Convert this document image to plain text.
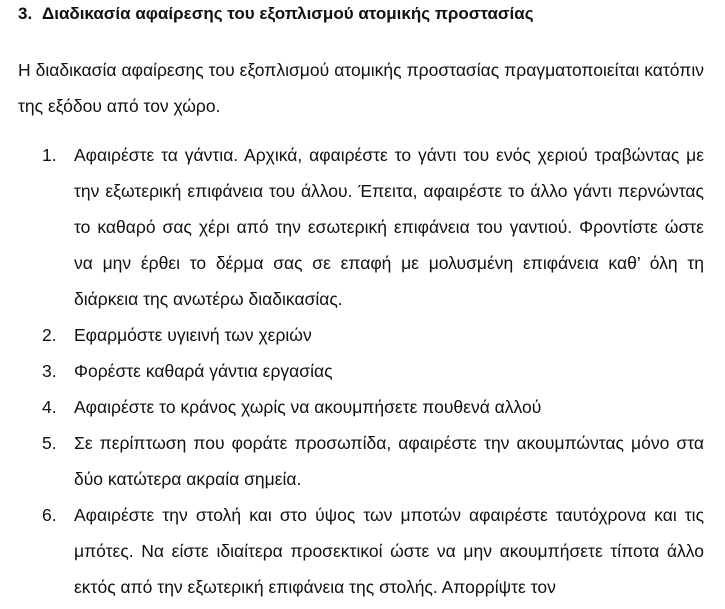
3. Διαδικασία αφαίρεσης του εξοπλισμού ατομικής προστασίας
Η διαδικασία αφαίρεσης του εξοπλισμού ατομικής προστασίας πραγματοποιείται κατόπιν της εξόδου από τον χώρο.
1. Αφαιρέστε τα γάντια. Αρχικά, αφαιρέστε το γάντι του ενός χεριού τραβώντας με την εξωτερική επιφάνεια του άλλου. Έπειτα, αφαιρέστε το άλλο γάντι περνώντας το καθαρό σας χέρι από την εσωτερική επιφάνεια του γαντιού. Φροντίστε ώστε να μην έρθει το δέρμα σας σε επαφή με μολυσμένη επιφάνεια καθ’ όλη τη διάρκεια της ανωτέρω διαδικασίας.
2. Εφαρμόστε υγιεινή των χεριών
3. Φορέστε καθαρά γάντια εργασίας
4. Αφαιρέστε το κράνος χωρίς να ακουμπήσετε πουθενά αλλού
5. Σε περίπτωση που φοράτε προσωπίδα, αφαιρέστε την ακουμπώντας μόνο στα δύο κατώτερα ακραία σημεία.
6. Αφαιρέστε την στολή και στο ύψος των μποτών αφαιρέστε ταυτόχρονα και τις μπότες. Να είστε ιδιαίτερα προσεκτικοί ώστε να μην ακουμπήσετε τίποτα άλλο εκτός από την εξωτερική επιφάνεια της στολής. Απορρίψτε τον
